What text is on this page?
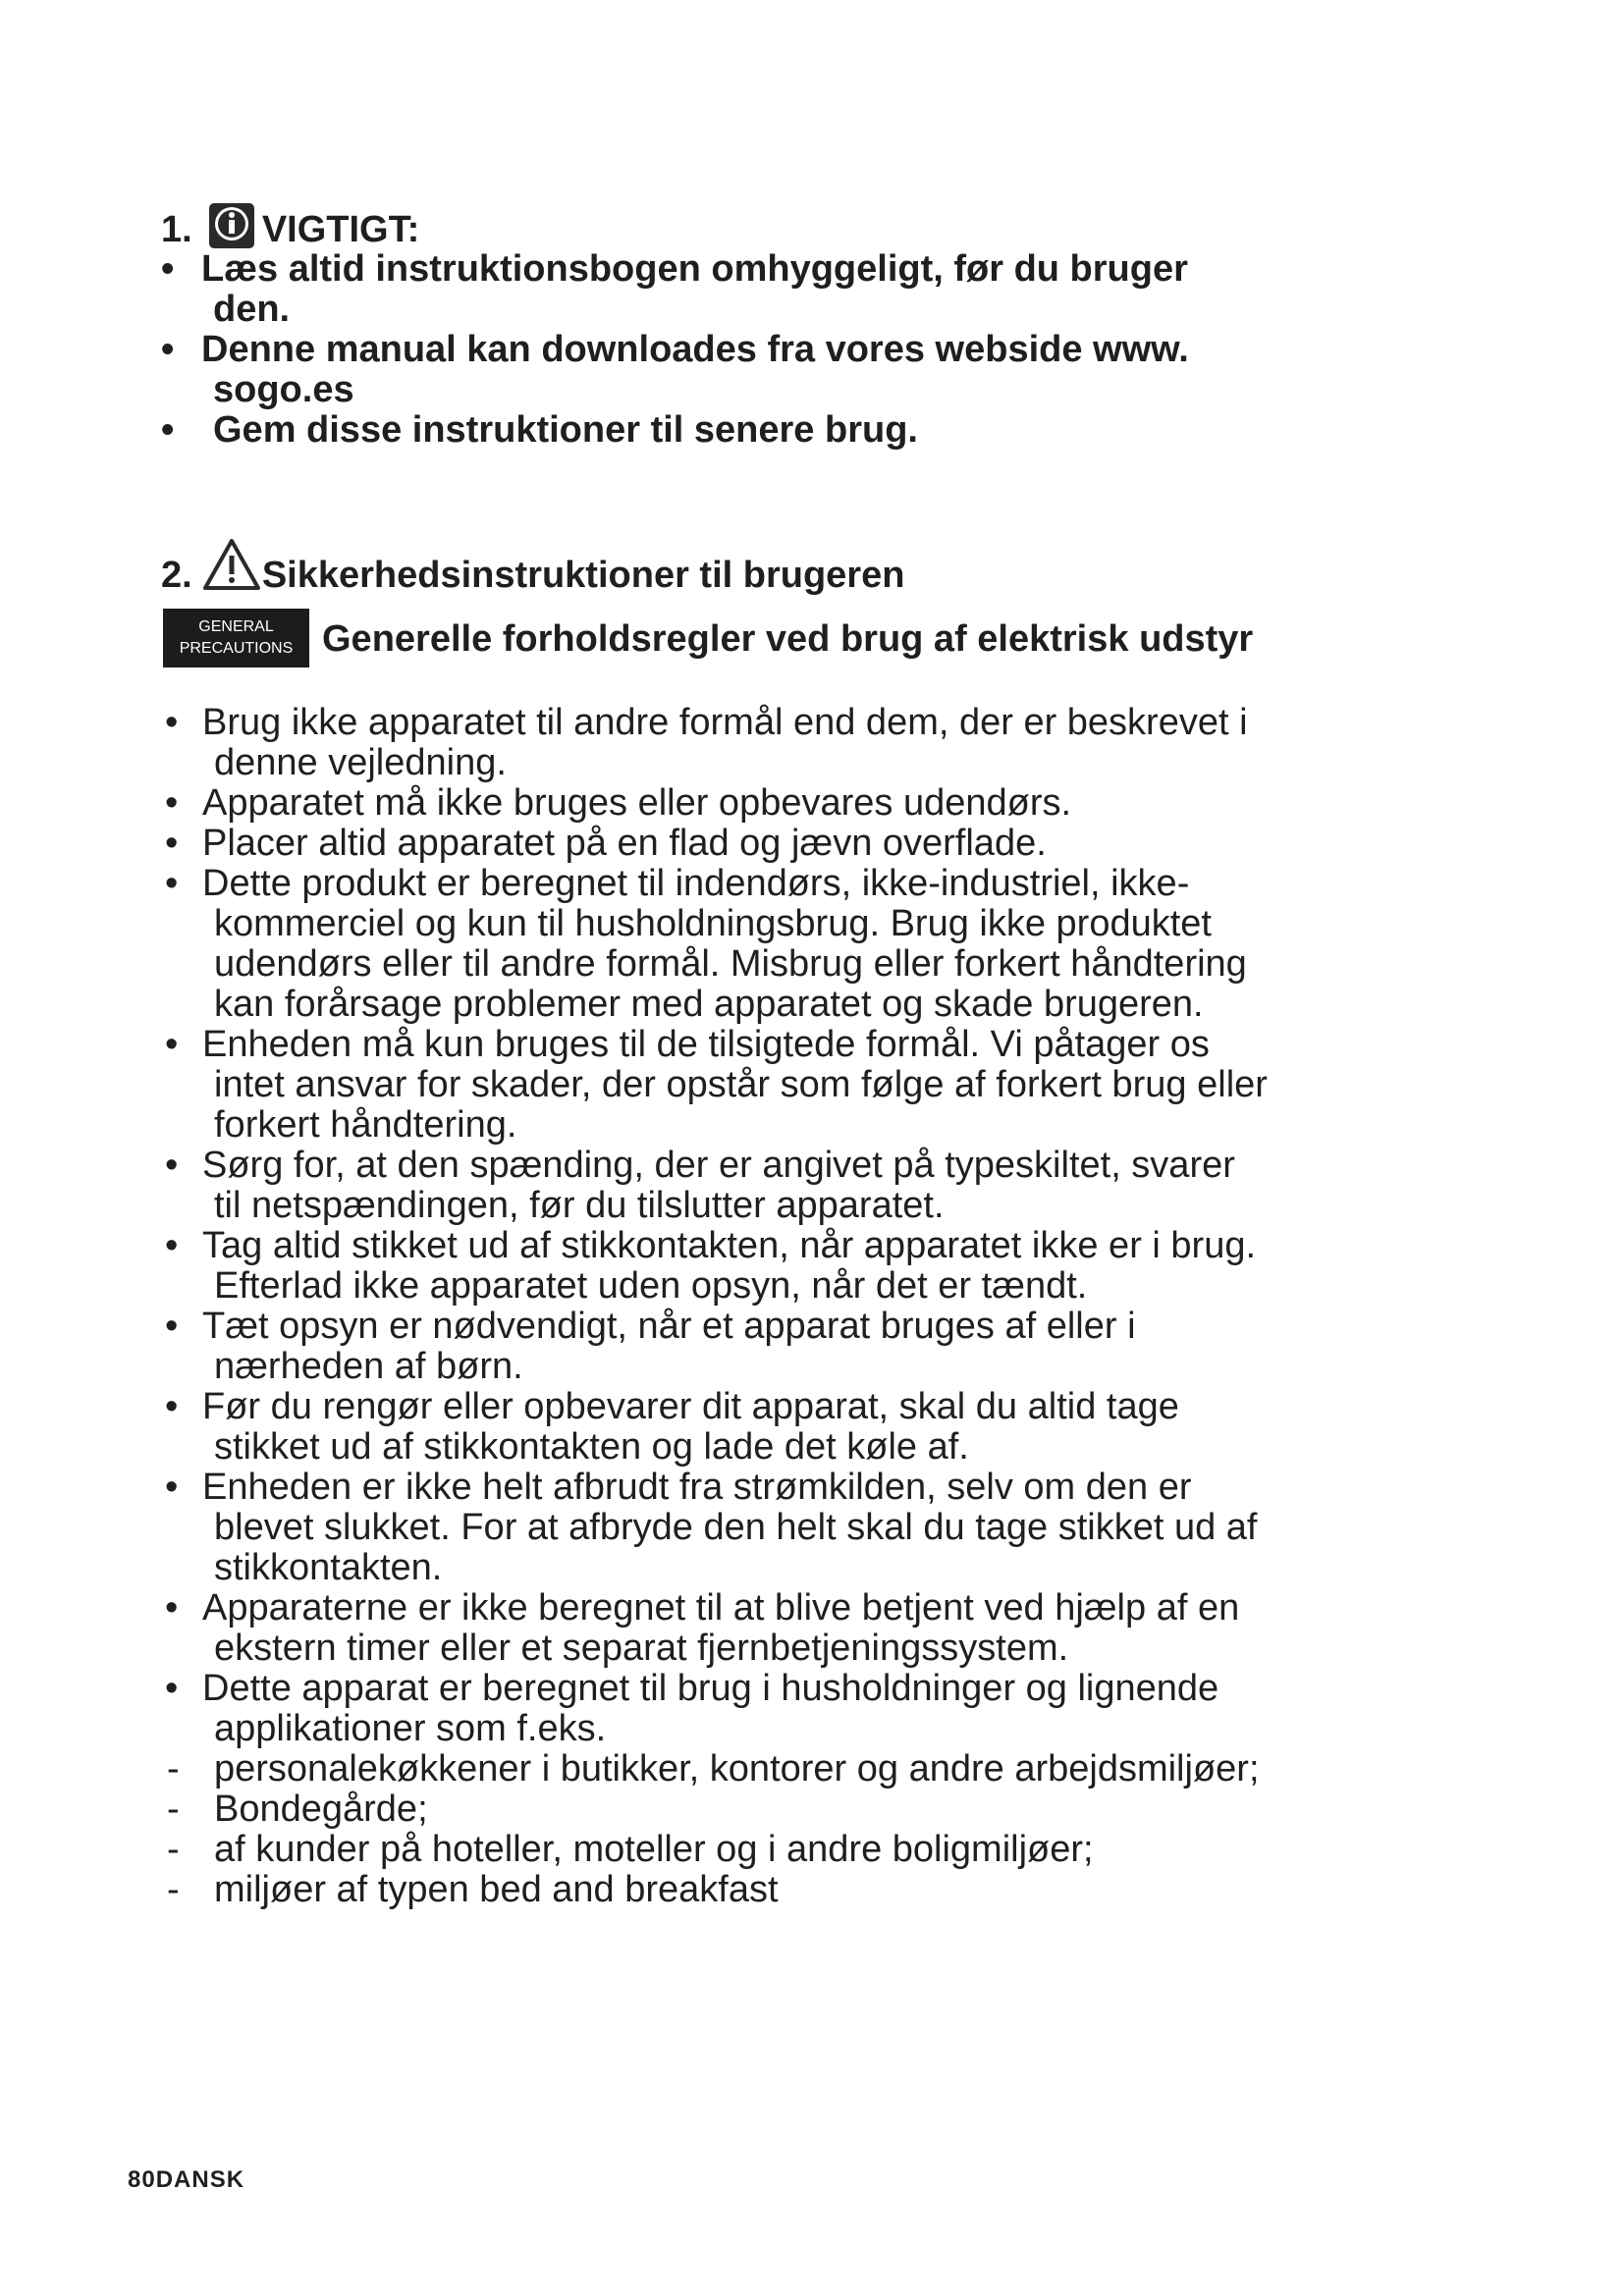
1. VIGTIGT:
• Læs altid instruktionsbogen omhyggeligt, før du bruger
den.
• Denne manual kan downloades fra vores webside www.
sogo.es
•	Gem disse instruktioner til senere brug.
2. Sikkerhedsinstruktioner til brugeren
GENERAL
PRECAUTIONS Generelle forholdsregler ved brug af elektrisk udstyr
• Brug ikke apparatet til andre formål end dem, der er beskrevet i
denne vejledning.
• Apparatet må ikke bruges eller opbevares udendørs.
• Placer altid apparatet på en flad og jævn overflade.
• Dette produkt er beregnet til indendørs, ikke-industriel, ikke-
kommerciel og kun til husholdningsbrug. Brug ikke produktet
udendørs eller til andre formål. Misbrug eller forkert håndtering
kan forårsage problemer med apparatet og skade brugeren.
• Enheden må kun bruges til de tilsigtede formål. Vi påtager os
intet ansvar for skader, der opstår som følge af forkert brug eller
forkert håndtering.
• Sørg for, at den spænding, der er angivet på typeskiltet, svarer
til netspændingen, før du tilslutter apparatet.
• Tag altid stikket ud af stikkontakten, når apparatet ikke er i brug.
Efterlad ikke apparatet uden opsyn, når det er tændt.
• Tæt opsyn er nødvendigt, når et apparat bruges af eller i
nærheden af børn.
• Før du rengør eller opbevarer dit apparat, skal du altid tage
stikket ud af stikkontakten og lade det køle af.
• Enheden er ikke helt afbrudt fra strømkilden, selv om den er
blevet slukket. For at afbryde den helt skal du tage stikket ud af
stikkontakten.
• Apparaterne er ikke beregnet til at blive betjent ved hjælp af en
ekstern timer eller et separat fjernbetjeningssystem.
• Dette apparat er beregnet til brug i husholdninger og lignende
applikationer som f.eks.
- personalekøkkener i butikker, kontorer og andre arbejdsmiljøer;
- Bondegårde;
- af kunder på hoteller, moteller og i andre boligmiljøer;
- miljøer af typen bed and breakfast
80DANSK
